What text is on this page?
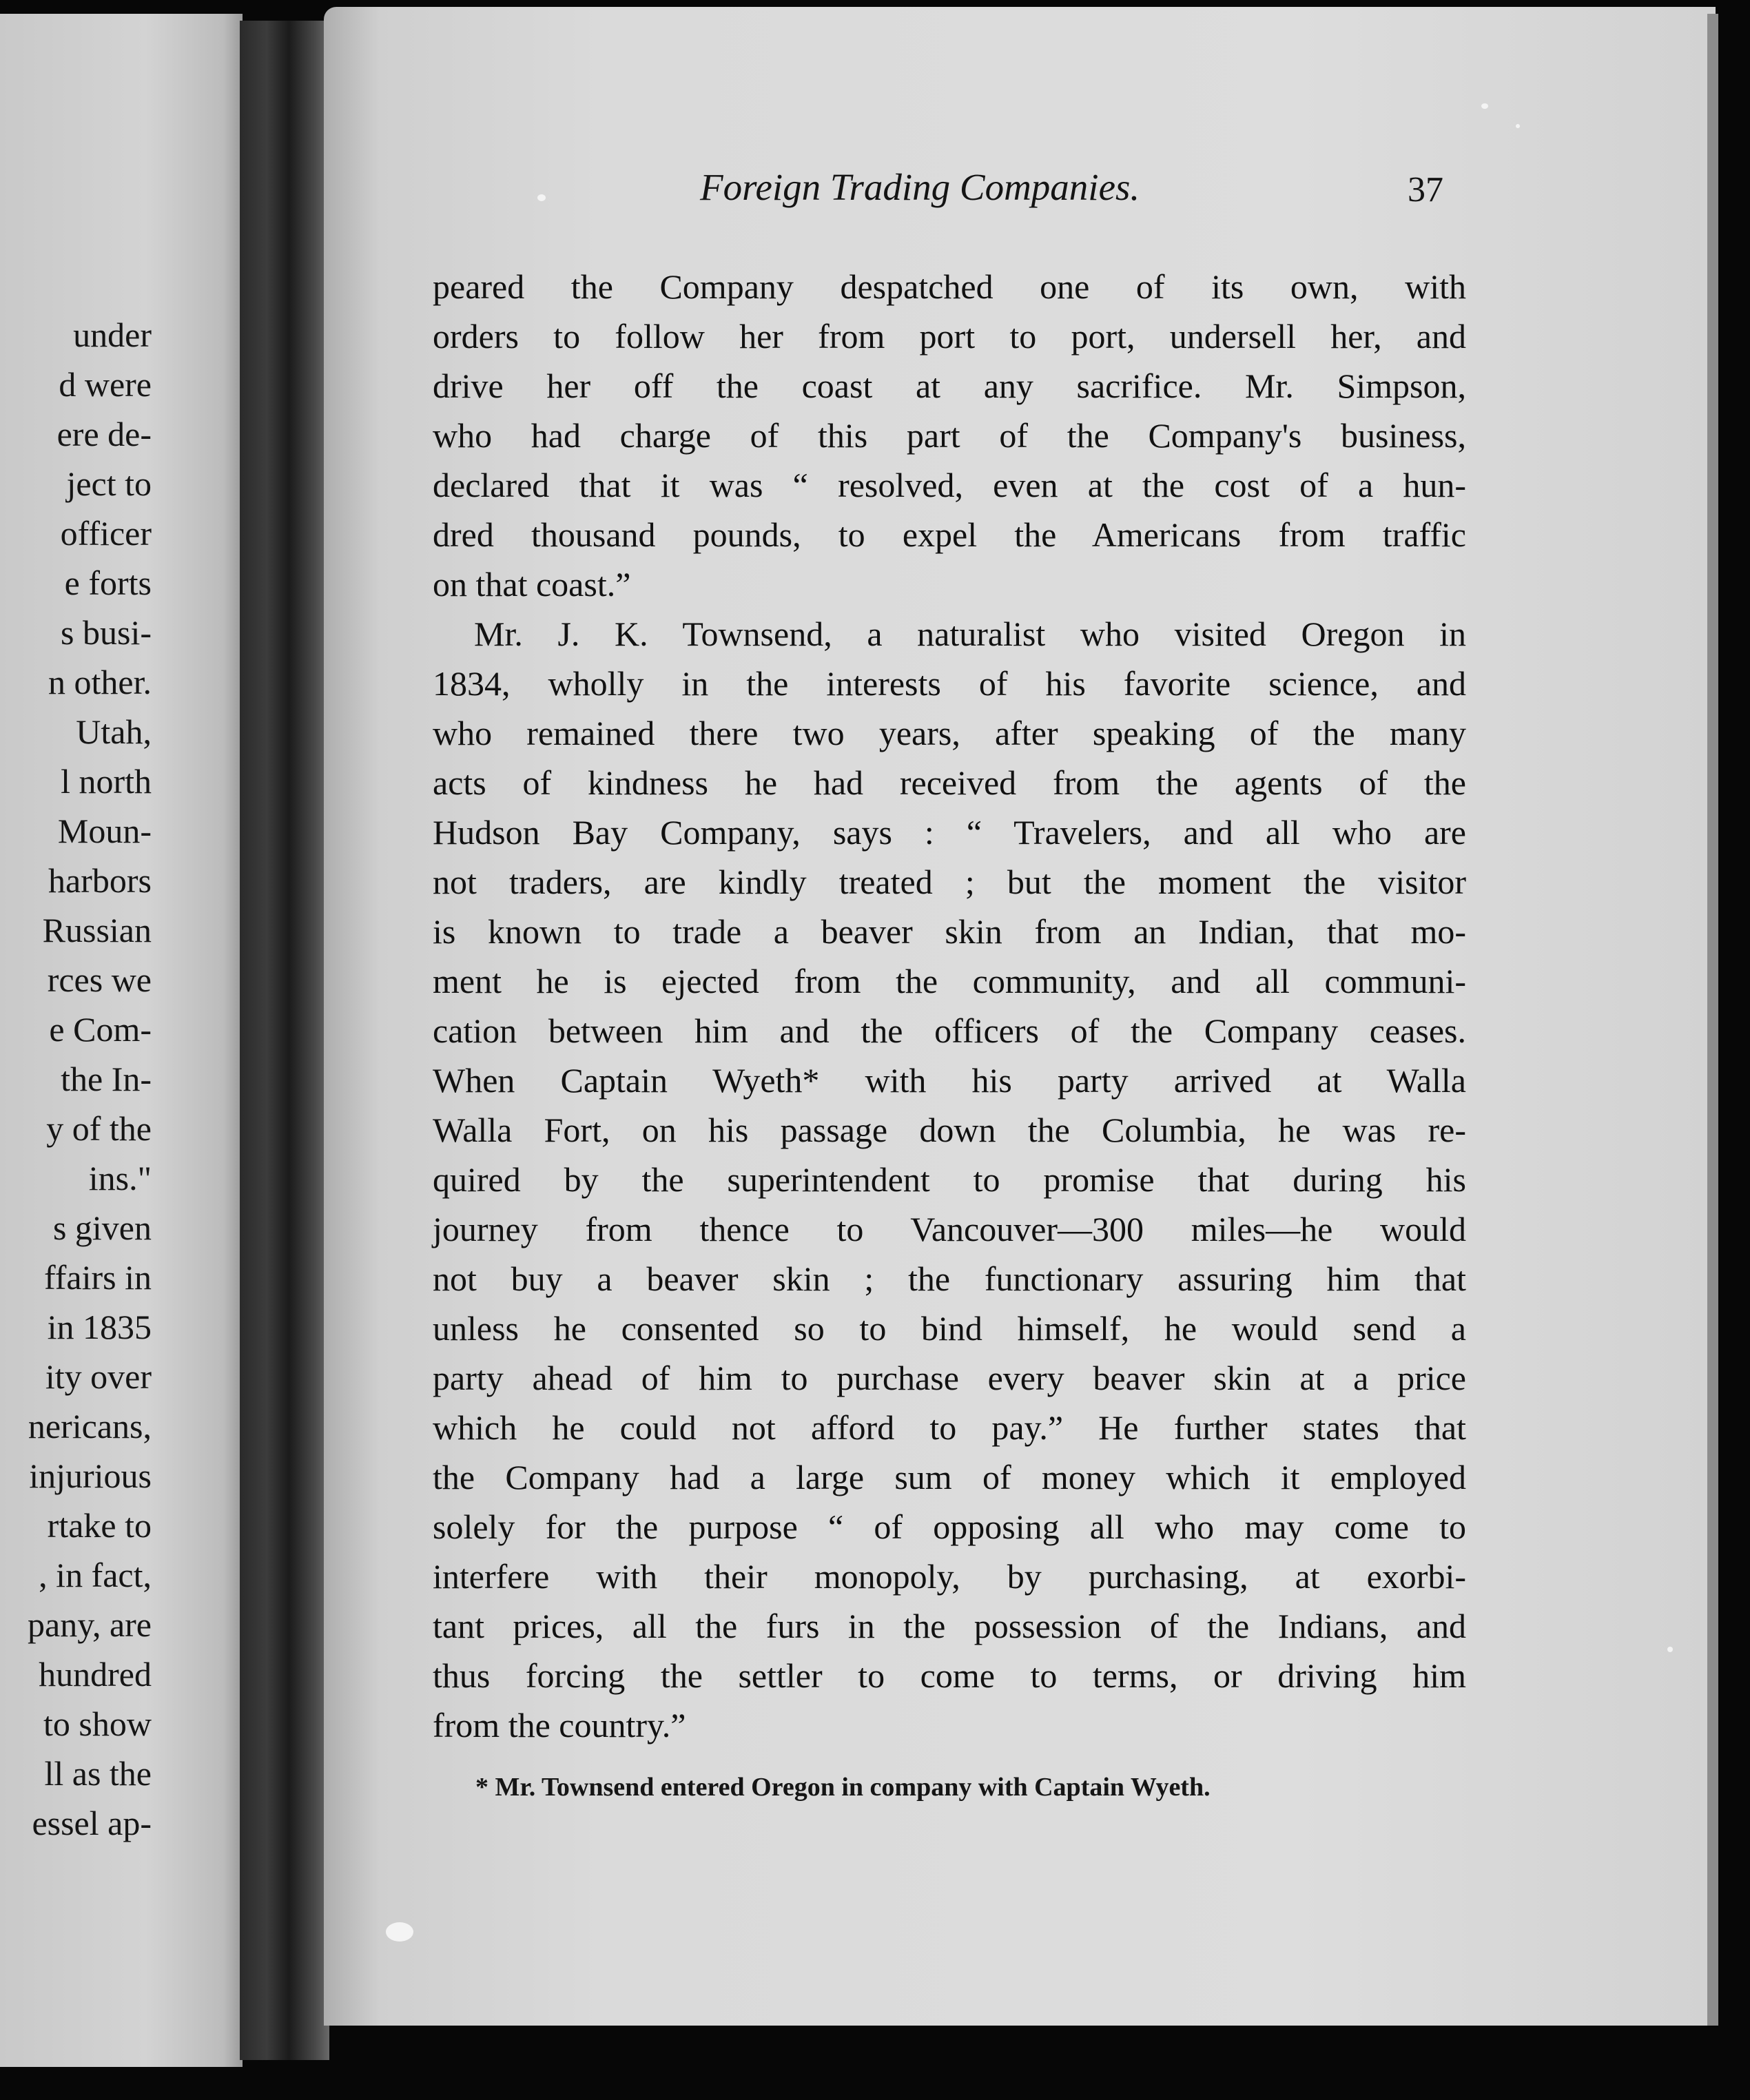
under
d were
ere de-
ject to
officer
e forts
s busi-
n other.
Utah,
l north
Moun-
harbors
Russian
rces we
e Com-
the In-
y of the
ins."
s given
ffairs in
in 1835
ity over
nericans,
injurious
rtake to
, in fact,
pany, are
hundred
to show
ll as the
essel ap-
Foreign Trading Companies.	37
peared the Company despatched one of its own, with
orders to follow her from port to port, undersell her, and
drive her off the coast at any sacrifice. Mr. Simpson,
who had charge of this part of the Company's business,
declared that it was “ resolved, even at the cost of a hun-
dred thousand pounds, to expel the Americans from traffic
on that coast.”
Mr. J. K. Townsend, a naturalist who visited Oregon in
1834, wholly in the interests of his favorite science, and
who remained there two years, after speaking of the many
acts of kindness he had received from the agents of the
Hudson Bay Company, says : “ Travelers, and all who are
not traders, are kindly treated ; but the moment the visitor
is known to trade a beaver skin from an Indian, that mo-
ment he is ejected from the community, and all communi-
cation between him and the officers of the Company ceases.
When Captain Wyeth* with his party arrived at Walla
Walla Fort, on his passage down the Columbia, he was re-
quired by the superintendent to promise that during his
journey from thence to Vancouver—300 miles—he would
not buy a beaver skin ; the functionary assuring him that
unless he consented so to bind himself, he would send a
party ahead of him to purchase every beaver skin at a price
which he could not afford to pay.” He further states that
the Company had a large sum of money which it employed
solely for the purpose “ of opposing all who may come to
interfere with their monopoly, by purchasing, at exorbi-
tant prices, all the furs in the possession of the Indians, and
thus forcing the settler to come to terms, or driving him
from the country.”
* Mr. Townsend entered Oregon in company with Captain Wyeth.
